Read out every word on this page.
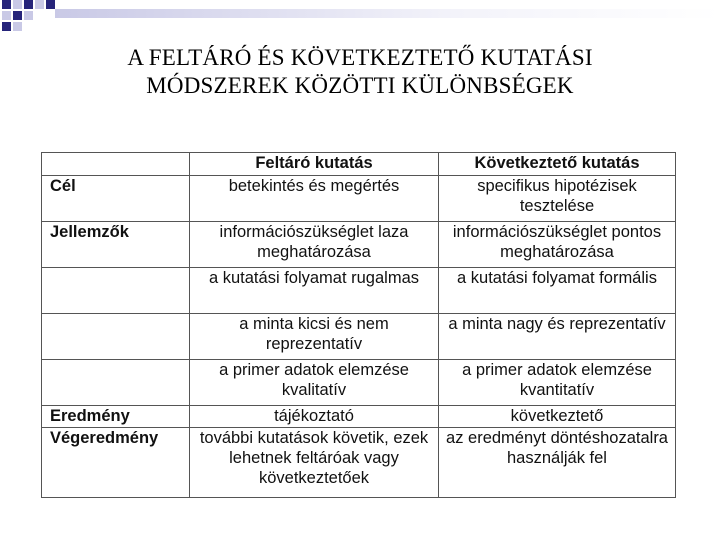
A FELTÁRÓ ÉS KÖVETKEZTETŐ KUTATÁSI
MÓDSZEREK KÖZÖTTI KÜLÖNBSÉGEK
	Feltáró kutatás	Következtető kutatás
Cél	betekintés és megértés	specifikus hipotézisek tesztelése
Jellemzők	információszükséglet laza meghatározása	információszükséglet pontos meghatározása
	a kutatási folyamat rugalmas	a kutatási folyamat formális
	a minta kicsi és nem reprezentatív	a minta nagy és reprezentatív
	a primer adatok elemzése kvalitatív	a primer adatok elemzése kvantitatív
Eredmény	tájékoztató	következtető
Végeredmény	további kutatások követik, ezek lehetnek feltáróak vagy következtetőek	az eredményt döntéshozatalra használják fel
